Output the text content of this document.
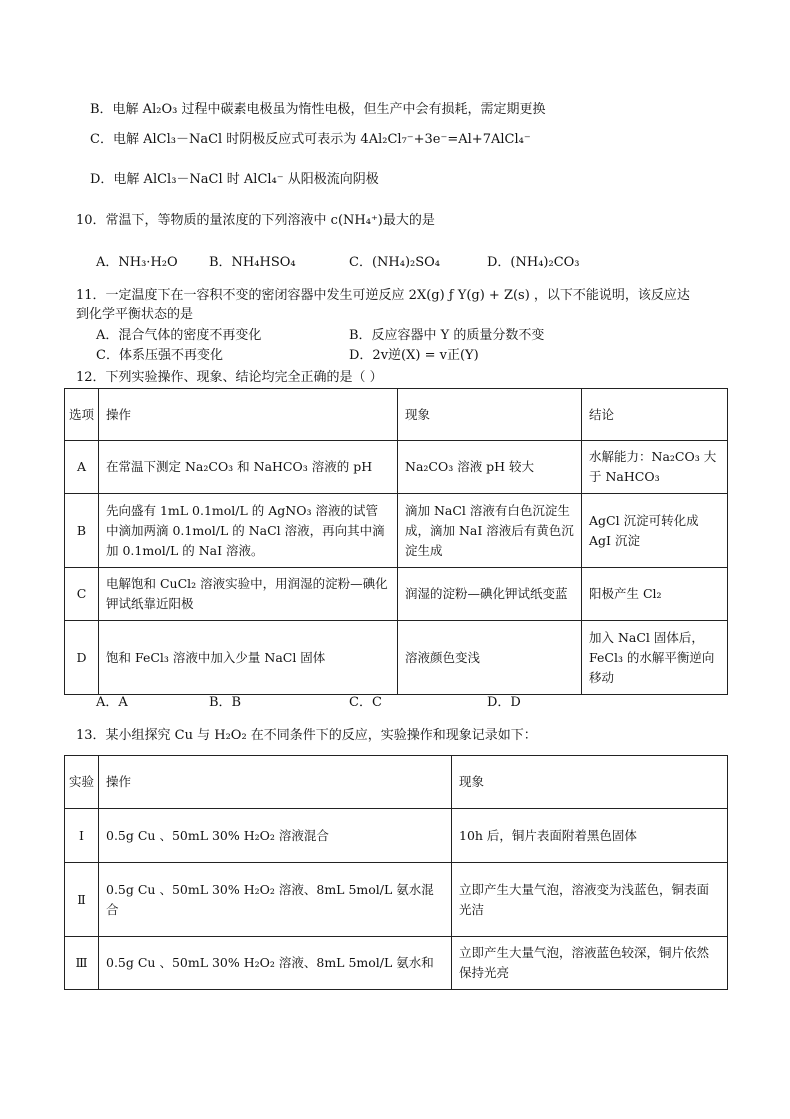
B．电解 Al₂O₃ 过程中碳素电极虽为惰性电极，但生产中会有损耗，需定期更换
C．电解 AlCl₃－NaCl 时阴极反应式可表示为 4Al₂Cl₇⁻+3e⁻=Al+7AlCl₄⁻
D．电解 AlCl₃－NaCl 时 AlCl₄⁻ 从阳极流向阴极
10．常温下，等物质的量浓度的下列溶液中 c(NH₄⁺)最大的是
A．NH₃·H₂O B．NH₄HSO₄	C．(NH₄)₂SO₄	D．(NH₄)₂CO₃
11．一定温度下在一容积不变的密闭容器中发生可逆反应 2X(g) ƒ Y(g) + Z(s) ，以下不能说明，该反应达
到化学平衡状态的是
A．混合气体的密度不再变化	B．反应容器中 Y 的质量分数不变
C．体系压强不再变化	D．2v逆(X) = v正(Y)
12．下列实验操作、现象、结论均完全正确的是（ ）
选项	操作	现象	结论
A	在常温下测定 Na₂CO₃ 和 NaHCO₃ 溶液的 pH	Na₂CO₃ 溶液 pH 较大	水解能力：Na₂CO₃ 大于 NaHCO₃
B	先向盛有 1mL 0.1mol/L 的 AgNO₃ 溶液的试管中滴加两滴 0.1mol/L 的 NaCl 溶液，再向其中滴加 0.1mol/L 的 NaI 溶液。	滴加 NaCl 溶液有白色沉淀生成，滴加 NaI 溶液后有黄色沉淀生成	AgCl 沉淀可转化成 AgI 沉淀
C	电解饱和 CuCl₂ 溶液实验中，用润湿的淀粉—碘化钾试纸靠近阳极	润湿的淀粉—碘化钾试纸变蓝	阳极产生 Cl₂
D	饱和 FeCl₃ 溶液中加入少量 NaCl 固体	溶液颜色变浅	加入 NaCl 固体后，FeCl₃ 的水解平衡逆向移动
A．A	B．B	C．C	D．D
13．某小组探究 Cu 与 H₂O₂ 在不同条件下的反应，实验操作和现象记录如下：
实验	操作	现象
Ⅰ	0.5g Cu 、50mL 30% H₂O₂ 溶液混合	10h 后，铜片表面附着黑色固体
Ⅱ	0.5g Cu 、50mL 30% H₂O₂ 溶液、8mL 5mol/L 氨水混合	立即产生大量气泡，溶液变为浅蓝色，铜表面光洁
Ⅲ	0.5g Cu 、50mL 30% H₂O₂ 溶液、8mL 5mol/L 氨水和	立即产生大量气泡，溶液蓝色较深，铜片依然保持光亮
